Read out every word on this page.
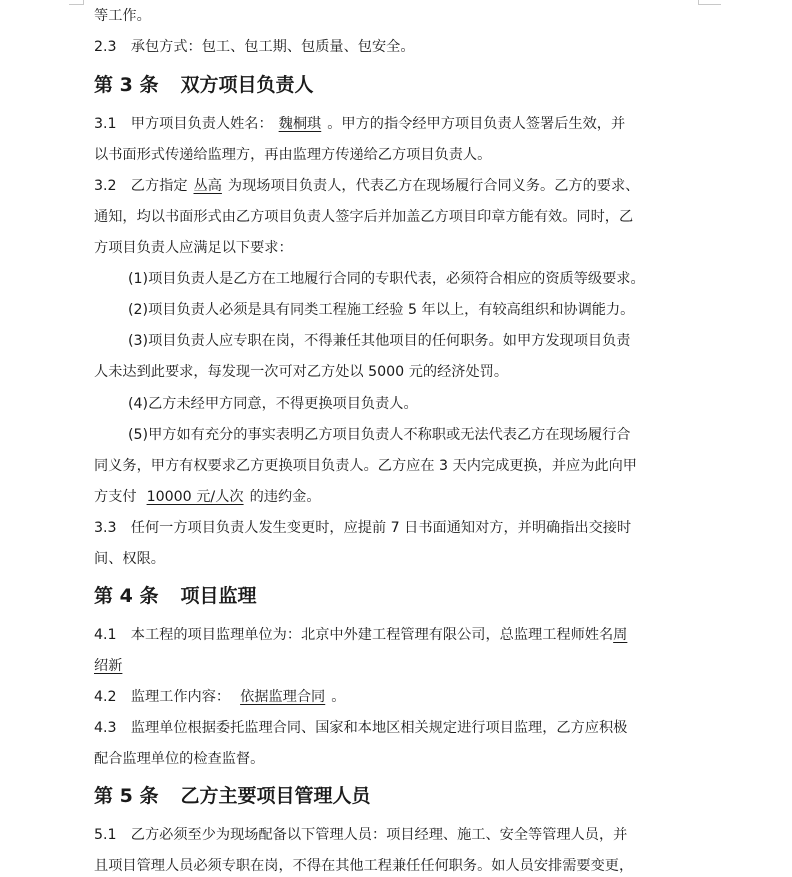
等工作。
2.3　承包方式：包工、包工期、包质量、包安全。
第 3 条 双方项目负责人
3.1　甲方项目负责人姓名： 魏桐琪 。甲方的指令经甲方项目负责人签署后生效，并
以书面形式传递给监理方，再由监理方传递给乙方项目负责人。
3.2　乙方指定 丛高 为现场项目负责人，代表乙方在现场履行合同义务。乙方的要求、
通知，均以书面形式由乙方项目负责人签字后并加盖乙方项目印章方能有效。同时，乙
方项目负责人应满足以下要求：
(1)项目负责人是乙方在工地履行合同的专职代表，必须符合相应的资质等级要求。
(2)项目负责人必须是具有同类工程施工经验 5 年以上，有较高组织和协调能力。
(3)项目负责人应专职在岗，不得兼任其他项目的任何职务。如甲方发现项目负责
人未达到此要求，每发现一次可对乙方处以 5000 元的经济处罚。
(4)乙方未经甲方同意，不得更换项目负责人。
(5)甲方如有充分的事实表明乙方项目负责人不称职或无法代表乙方在现场履行合
同义务，甲方有权要求乙方更换项目负责人。乙方应在 3 天内完成更换，并应为此向甲
方支付 10000 元/人次 的违约金。
3.3　任何一方项目负责人发生变更时，应提前 7 日书面通知对方，并明确指出交接时
间、权限。
第 4 条 项目监理
4.1　本工程的项目监理单位为：北京中外建工程管理有限公司，总监理工程师姓名周
绍新
4.2　监理工作内容： 依据监理合同 。
4.3　监理单位根据委托监理合同、国家和本地区相关规定进行项目监理，乙方应积极
配合监理单位的检查监督。
第 5 条 乙方主要项目管理人员
5.1　乙方必须至少为现场配备以下管理人员：项目经理、施工、安全等管理人员，并
且项目管理人员必须专职在岗，不得在其他工程兼任任何职务。如人员安排需要变更，
